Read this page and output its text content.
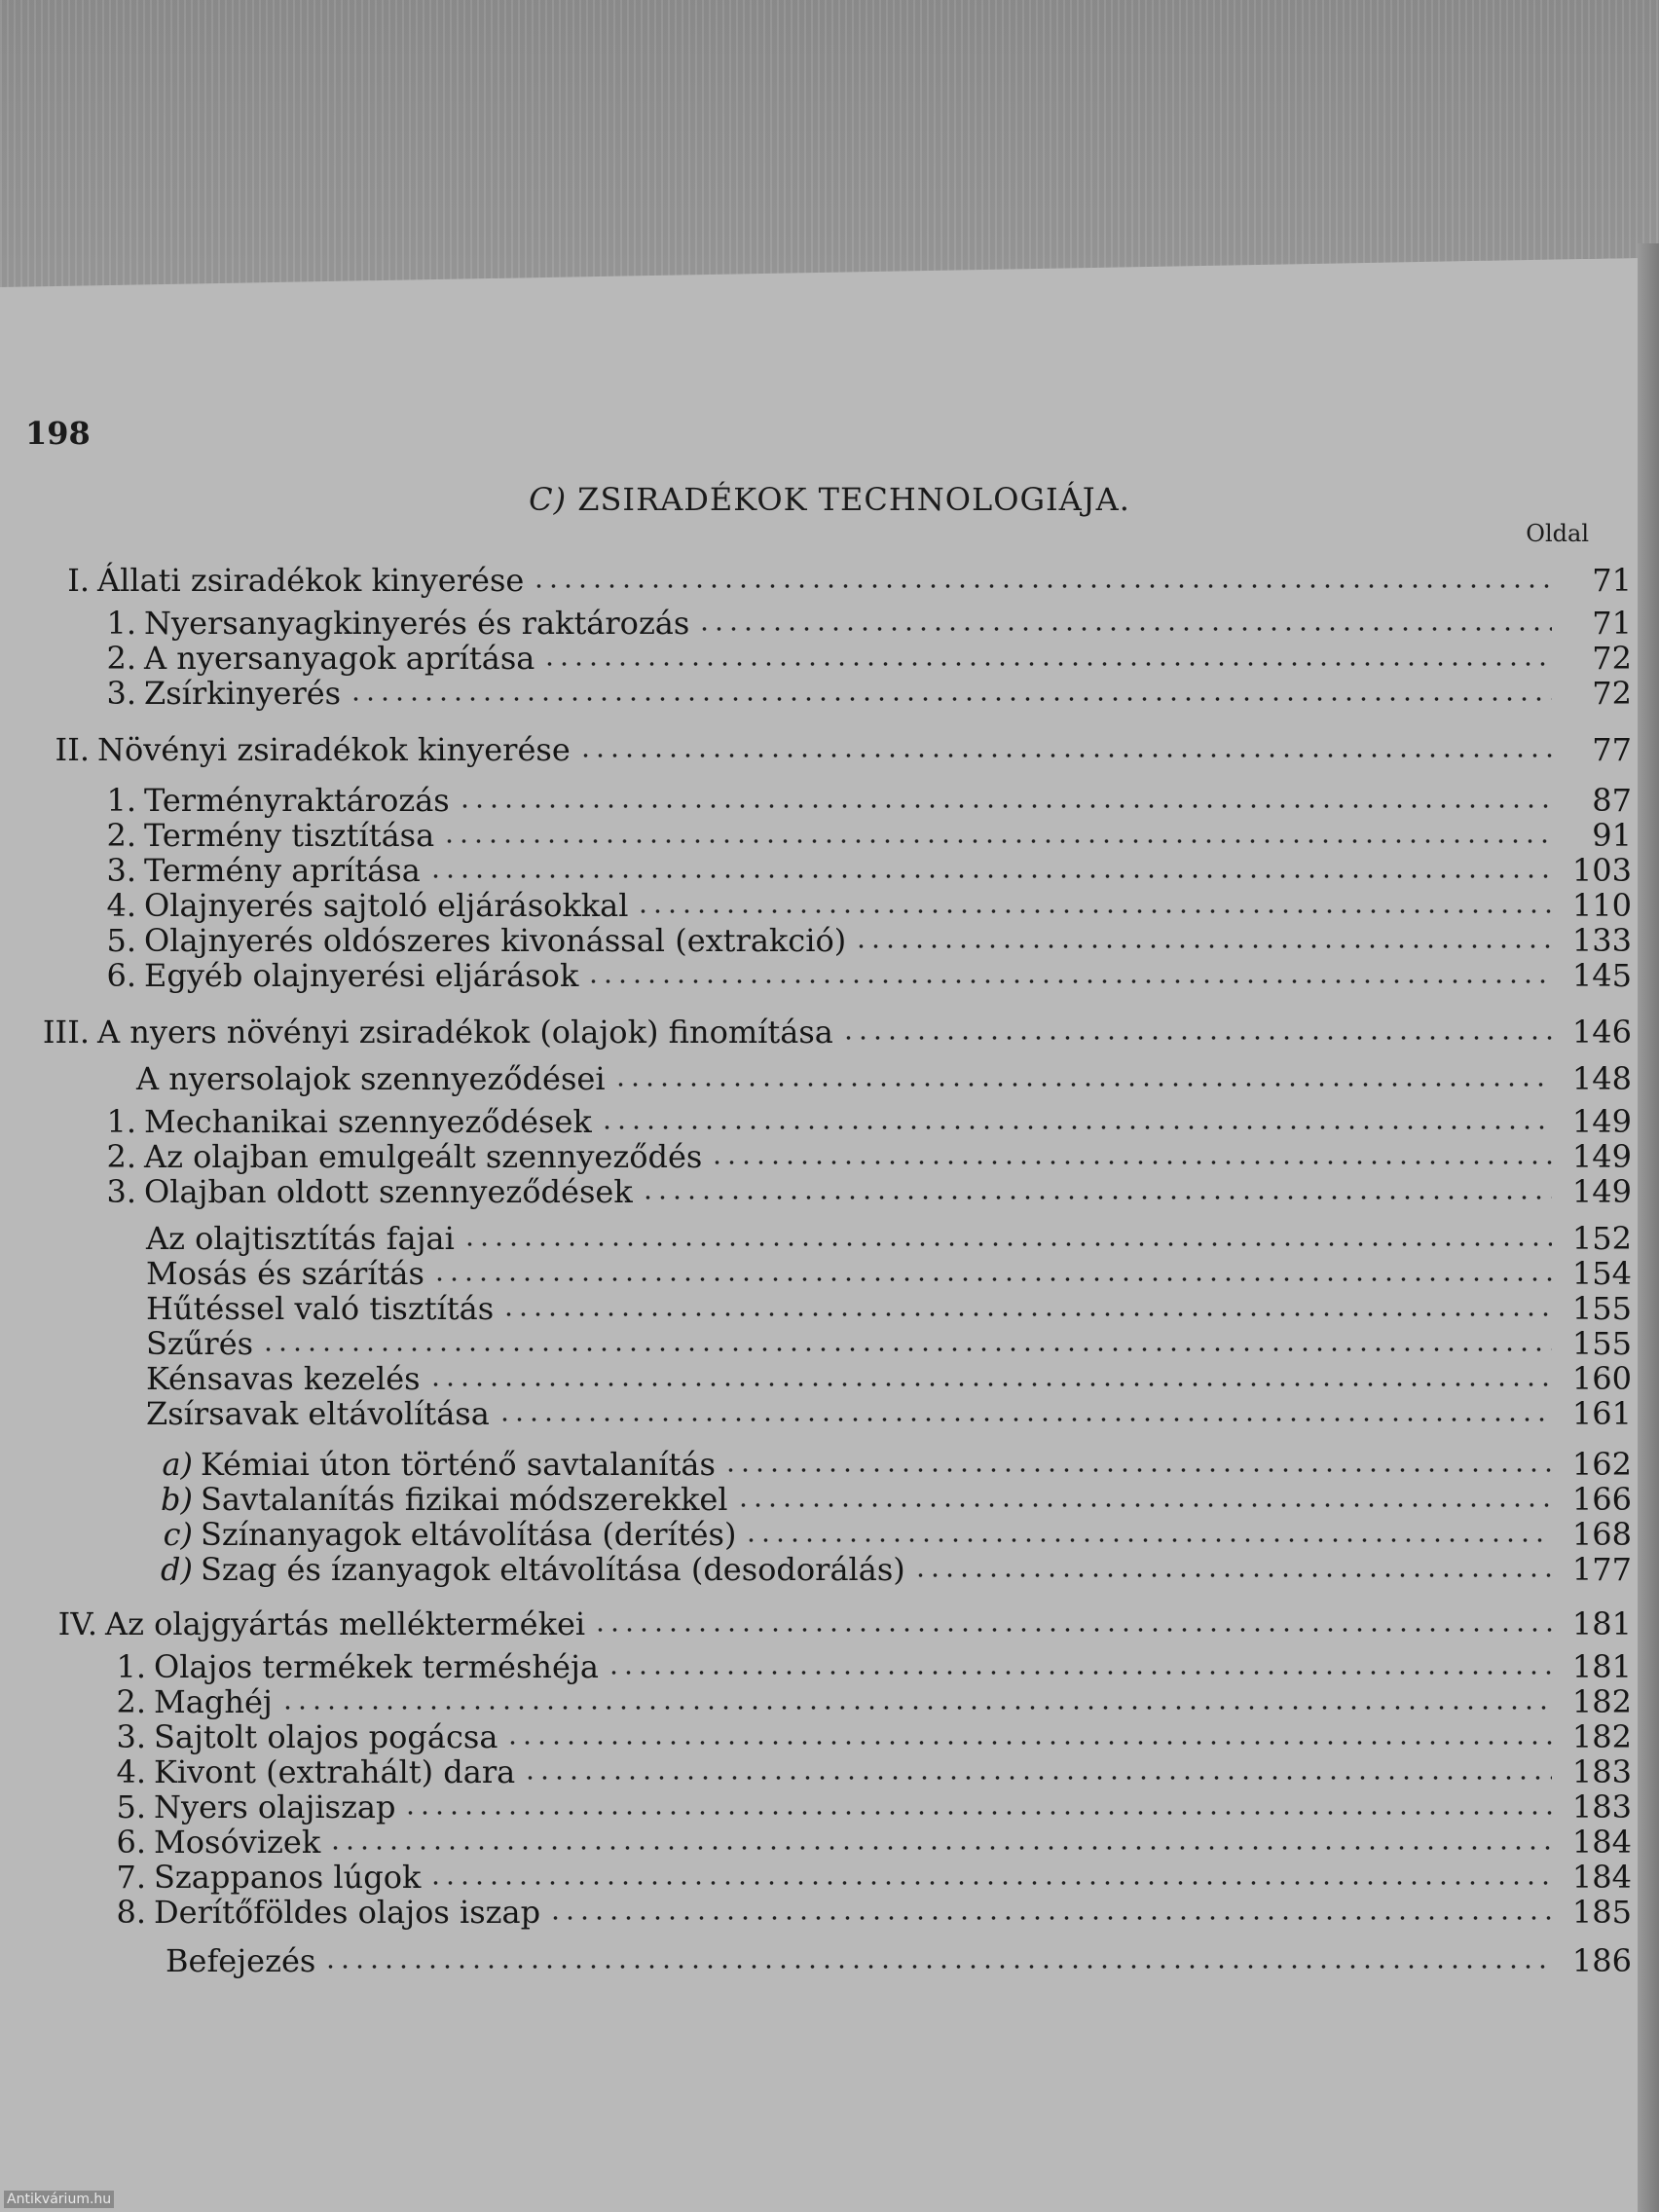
198
C) ZSIRADÉKOK TECHNOLOGIÁJA.
Oldal
I. Állati zsiradékok kinyerése	71
1. Nyersanyagkinyerés és raktározás	71
2. A nyersanyagok aprítása	72
3. Zsírkinyerés	72
II. Növényi zsiradékok kinyerése	77
1. Terményraktározás	87
2. Termény tisztítása	91
3. Termény aprítása	103
4. Olajnyerés sajtoló eljárásokkal	110
5. Olajnyerés oldószeres kivonással (extrakció)	133
6. Egyéb olajnyerési eljárások	145
III. A nyers növényi zsiradékok (olajok) finomítása	146
A nyersolajok szennyeződései	148
1. Mechanikai szennyeződések	149
2. Az olajban emulgeált szennyeződés	149
3. Olajban oldott szennyeződések	149
Az olajtisztítás fajai	152
Mosás és szárítás	154
Hűtéssel való tisztítás	155
Szűrés	155
Kénsavas kezelés	160
Zsírsavak eltávolítása	161
a) Kémiai úton történő savtalanítás	162
b) Savtalanítás fizikai módszerekkel	166
c) Színanyagok eltávolítása (derítés)	168
d) Szag és ízanyagok eltávolítása (desodorálás)	177
IV. Az olajgyártás melléktermékei	181
1. Olajos termékek terméshéja	181
2. Maghéj	182
3. Sajtolt olajos pogácsa	182
4. Kivont (extrahált) dara	183
5. Nyers olajiszap	183
6. Mosóvizek	184
7. Szappanos lúgok	184
8. Derítőföldes olajos iszap	185
Befejezés	186
Antikvárium.hu
